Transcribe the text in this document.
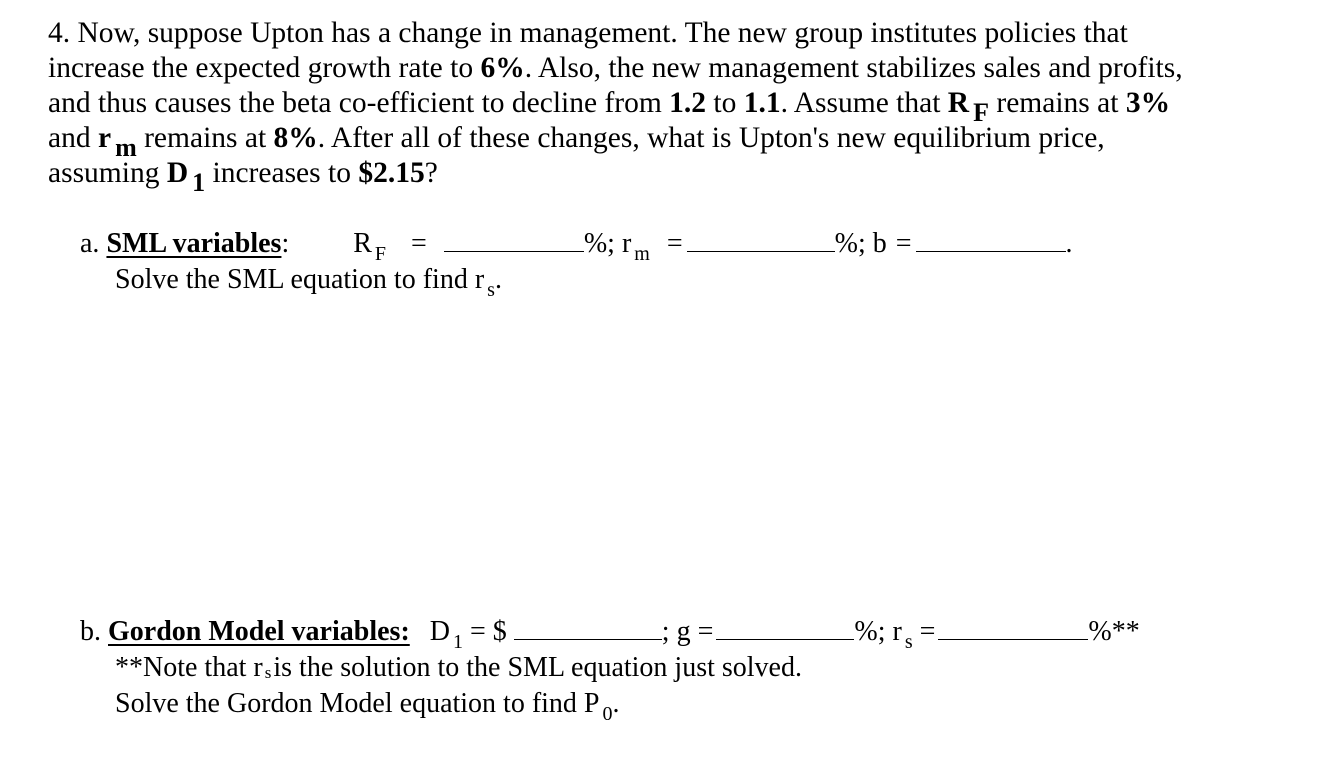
4. Now, suppose Upton has a change in management. The new group institutes policies that
increase the expected growth rate to 6%. Also, the new management stabilizes sales and profits,
and thus causes the beta co-efficient to decline from 1.2 to 1.1. Assume that R F remains at 3%
and r m remains at 8%. After all of these changes, what is Upton's new equilibrium price,
assuming D 1 increases to $2.15?
a. SML variables: R $_F$ =	%; r $_m$ =	%; b =	.
Solve the SML equation to find r $_s$.
b. Gordon Model variables: D $_1$ = $	; g =	%; r $_s$ =	%**
**Note that r sis the solution to the SML equation just solved.
Solve the Gordon Model equation to find P $_0$.
